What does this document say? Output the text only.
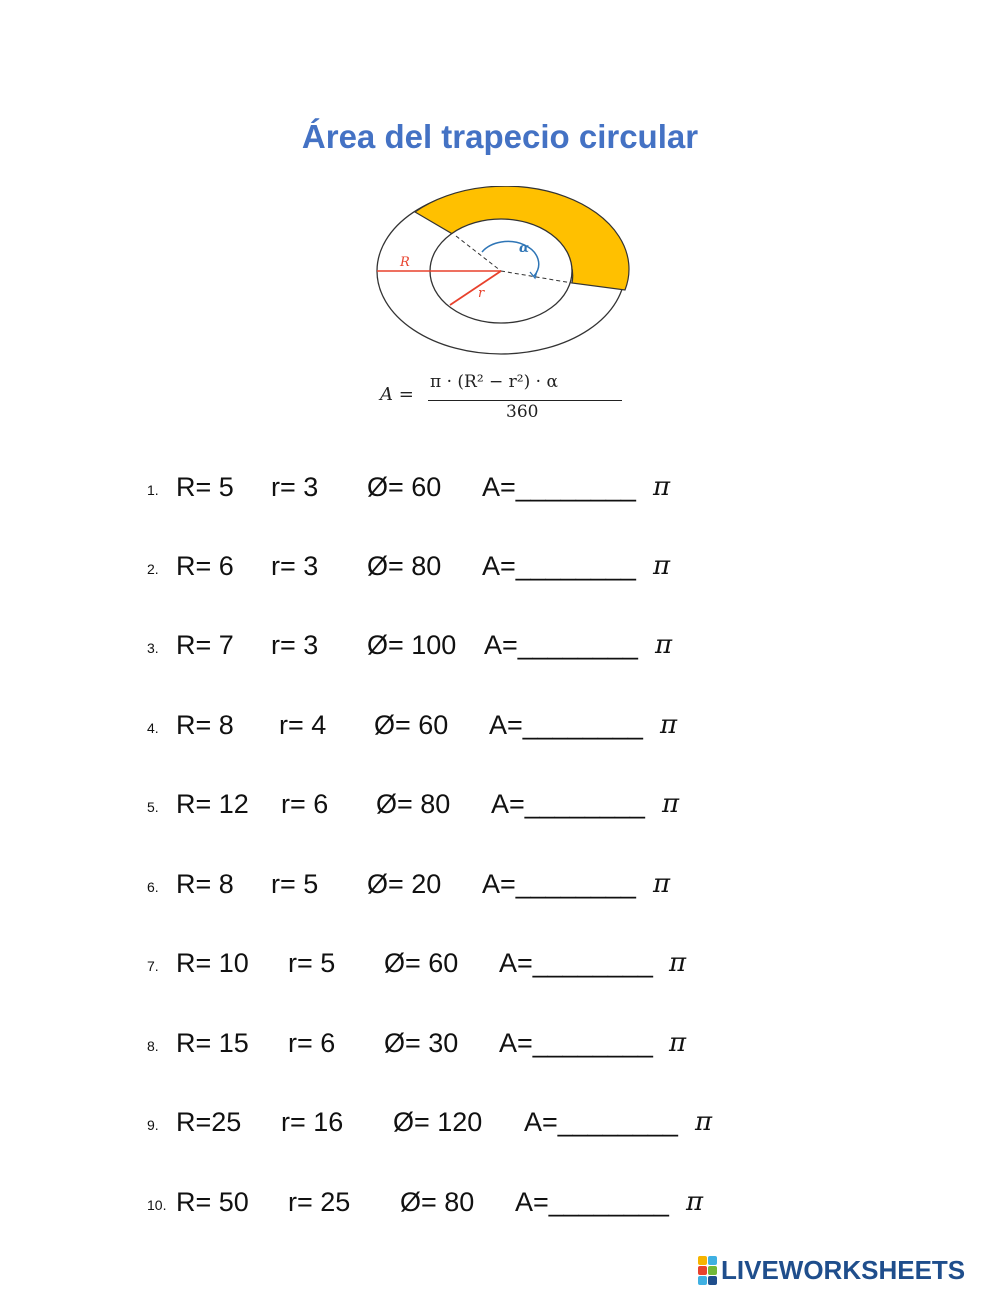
Área del trapecio circular
R
r
α
A =
π · (R² − r²) · α
360
1. R= 5 r= 3 Ø= 60 A=________ π
2. R= 6 r= 3 Ø= 80 A=________ π
3. R= 7 r= 3 Ø= 100 A=________ π
4. R= 8 r= 4 Ø= 60 A=________ π
5. R= 12 r= 6 Ø= 80 A=________ π
6. R= 8 r= 5 Ø= 20 A=________ π
7. R= 10 r= 5 Ø= 60 A=________ π
8. R= 15 r= 6 Ø= 30 A=________ π
9. R=25 r= 16 Ø= 120 A=________ π
10. R= 50 r= 25 Ø= 80 A=________ π
LIVEWORKSHEETS
